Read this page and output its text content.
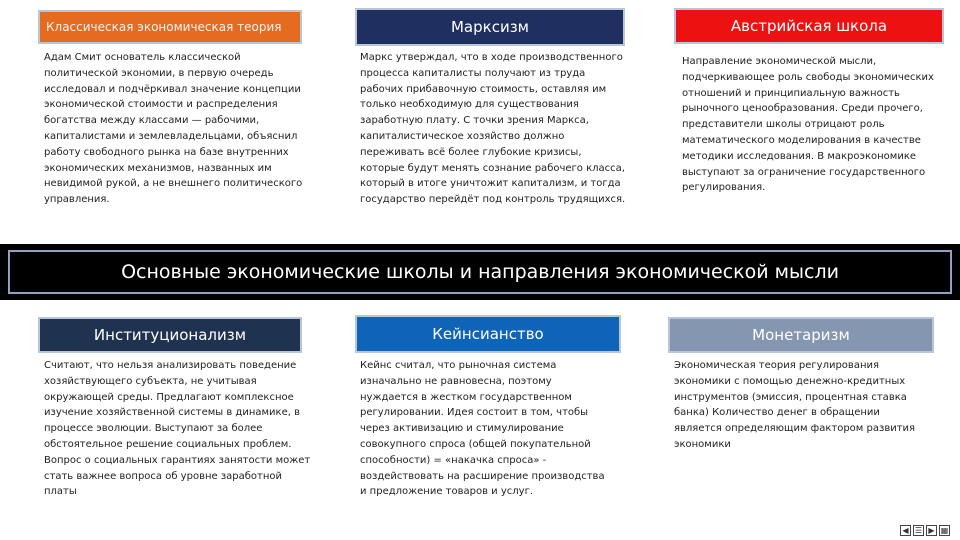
Классическая экономическая теория	Марксизм	Австрийская школа

Адам Смит основатель классической политической экономии, в первую очередь исследовал и подчёркивал значение концепции экономической стоимости и распределения богатства между классами — рабочими, капиталистами и землевладельцами, объяснил работу свободного рынка на базе внутренних экономических механизмов, названных им невидимой рукой, а не внешнего политического управления.

Маркс утверждал, что в ходе производственного процесса капиталисты получают из труда рабочих прибавочную стоимость, оставляя им только необходимую для существования заработную плату. С точки зрения Маркса, капиталистическое хозяйство должно переживать всё более глубокие кризисы, которые будут менять сознание рабочего класса, который в итоге уничтожит капитализм, и тогда государство перейдёт под контроль трудящихся.

Направление экономической мысли, подчеркивающее роль свободы экономических отношений и принципиальную важность рыночного ценообразования. Среди прочего, представители школы отрицают роль математического моделирования в качестве методики исследования. В макроэкономике выступают за ограничение государственного регулирования.

Основные экономические школы и направления экономической мысли
Институционализм	Кейнсианство	Монетаризм

Считают, что нельзя анализировать поведение хозяйствующего субъекта, не учитывая окружающей среды. Предлагают комплексное изучение хозяйственной системы в динамике, в процессе эволюции. Выступают за более обстоятельное решение социальных проблем. Вопрос о социальных гарантиях занятости может стать важнее вопроса об уровне заработной платы

Кейнс считал, что рыночная система изначально не равновесна, поэтому нуждается в жестком государственном регулировании. Идея состоит в том, чтобы через активизацию и стимулирование совокупного спроса (общей покупательной способности) = «накачка спроса» - воздействовать на расширение производства и предложение товаров и услуг.

Экономическая теория регулирования экономики с помощью денежно-кредитных инструментов (эмиссия, процентная ставка банка) Количество денег в обращении является определяющим фактором развития экономики

◀ ☰ ▶ ▦
